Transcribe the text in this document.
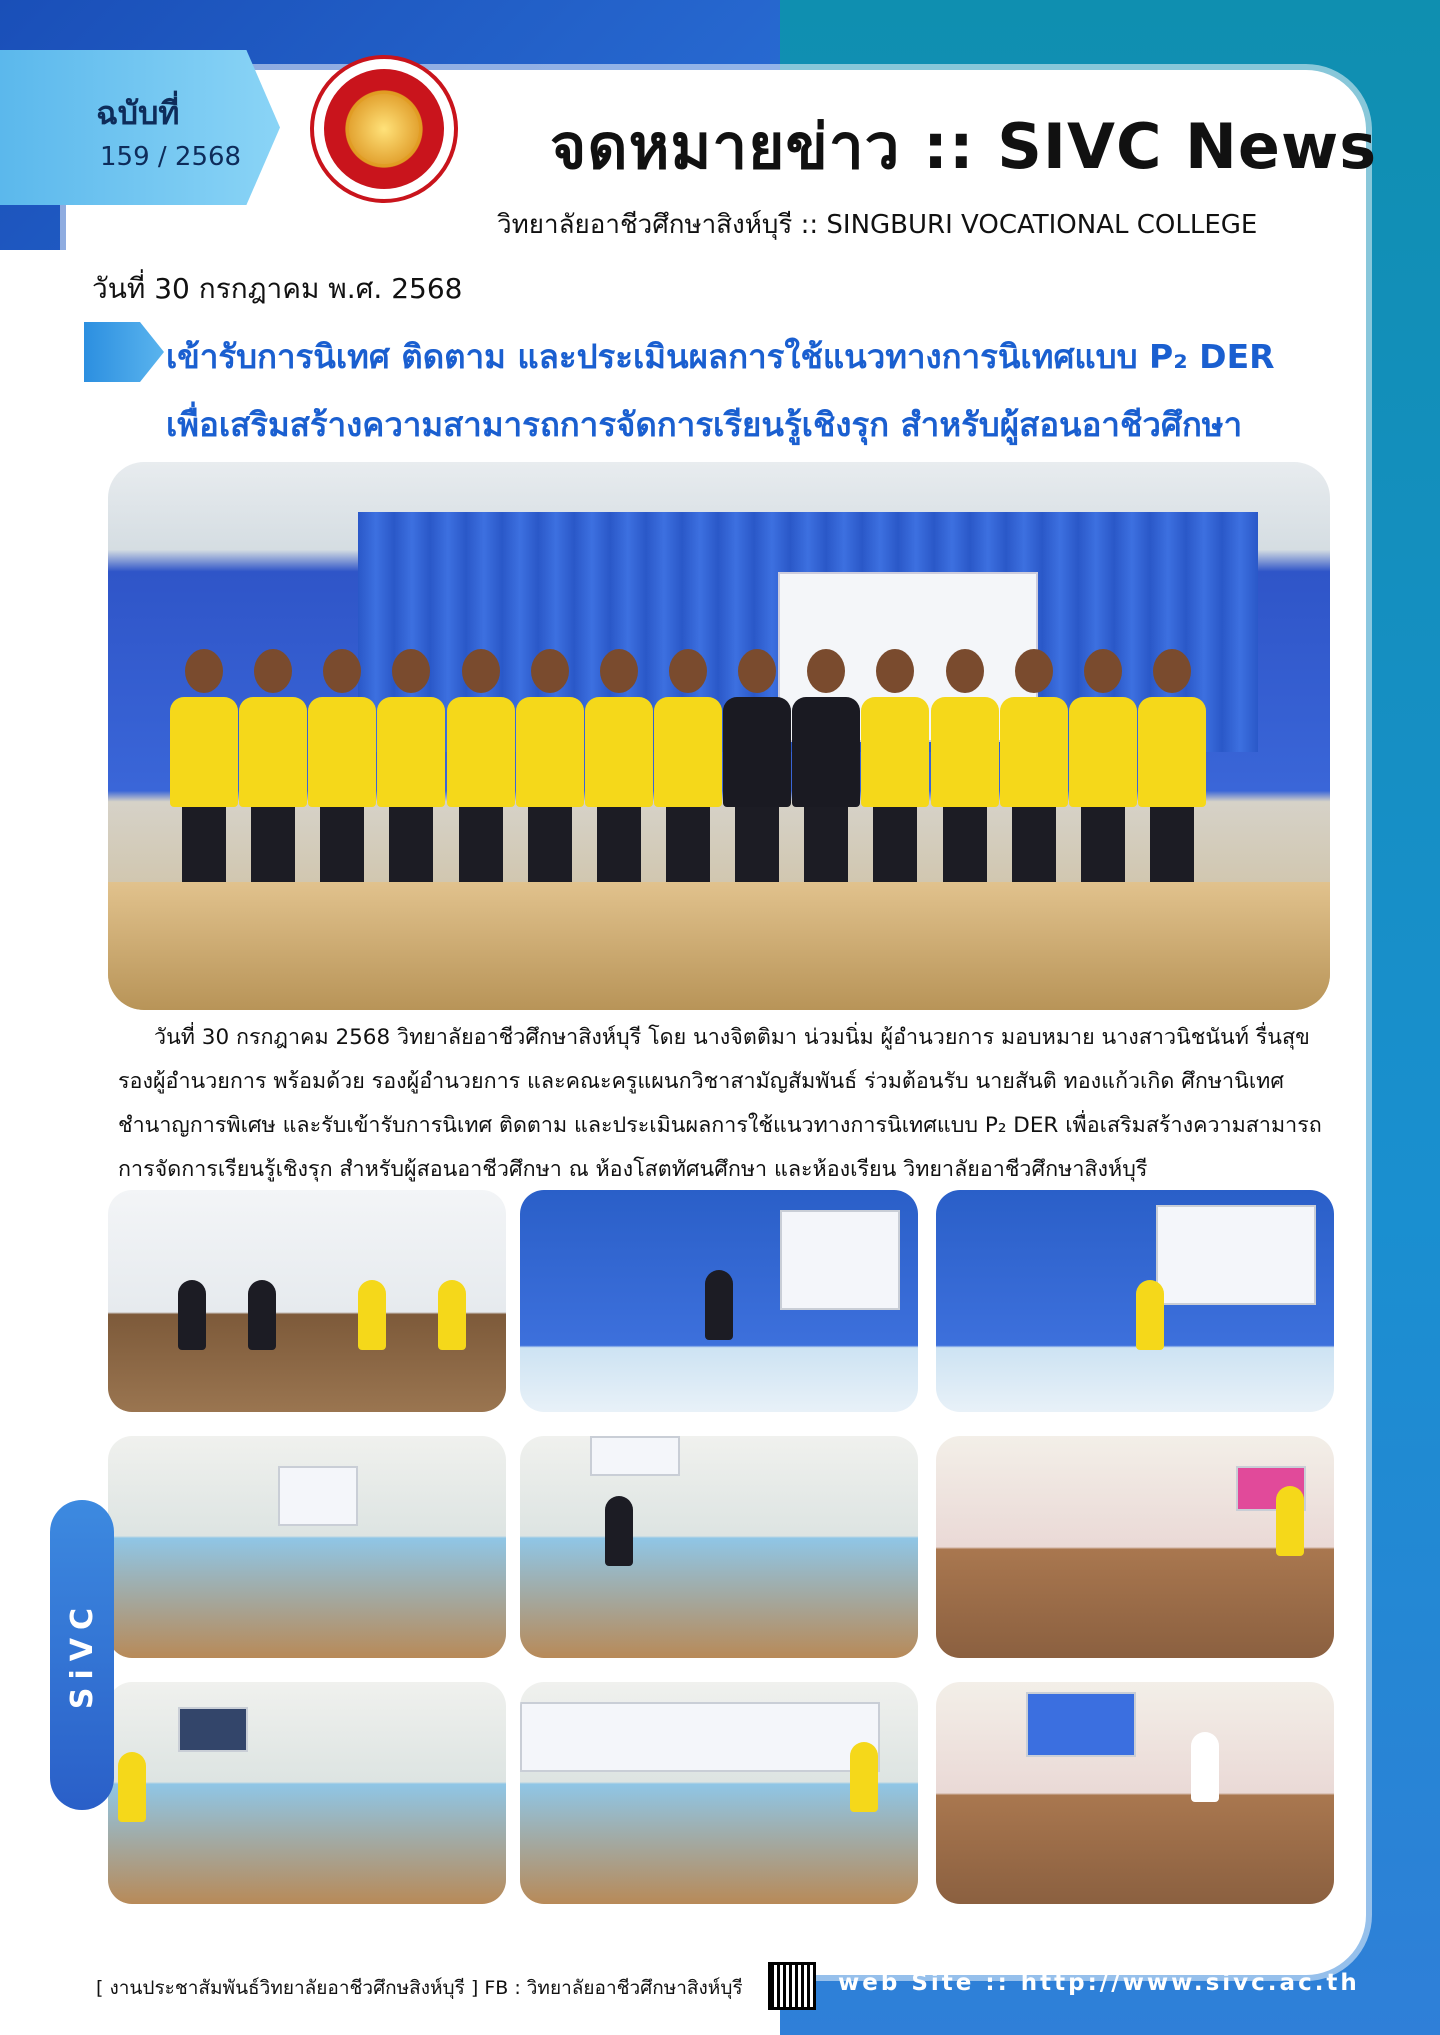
ฉบับที่
159 / 2568	จดหมายข่าว :: SIVC News
วิทยาลัยอาชีวศึกษาสิงห์บุรี :: SINGBURI VOCATIONAL COLLEGE
วันที่ 30 กรกฎาคม พ.ศ. 2568
เข้ารับการนิเทศ ติดตาม และประเมินผลการใช้แนวทางการนิเทศแบบ P₂ DER
เพื่อเสริมสร้างความสามารถการจัดการเรียนรู้เชิงรุก สำหรับผู้สอนอาชีวศึกษา

วันที่ 30 กรกฎาคม 2568 วิทยาลัยอาชีวศึกษาสิงห์บุรี โดย นางจิตติมา น่วมนิ่ม ผู้อำนวยการ มอบหมาย นางสาวนิชนันท์ รื่นสุข รองผู้อำนวยการ พร้อมด้วย รองผู้อำนวยการ และคณะครูแผนกวิชาสามัญสัมพันธ์ ร่วมต้อนรับ นายสันติ ทองแก้วเกิด ศึกษานิเทศชำนาญการพิเศษ และรับเข้ารับการนิเทศ ติดตาม และประเมินผลการใช้แนวทางการนิเทศแบบ P₂ DER เพื่อเสริมสร้างความสามารถการจัดการเรียนรู้เชิงรุก สำหรับผู้สอนอาชีวศึกษา ณ ห้องโสตทัศนศึกษา และห้องเรียน วิทยาลัยอาชีวศึกษาสิงห์บุรี

SiVC
[ งานประชาสัมพันธ์วิทยาลัยอาชีวศึกษสิงห์บุรี ] FB : วิทยาลัยอาชีวศึกษาสิงห์บุรี	web Site :: http://www.sivc.ac.th
